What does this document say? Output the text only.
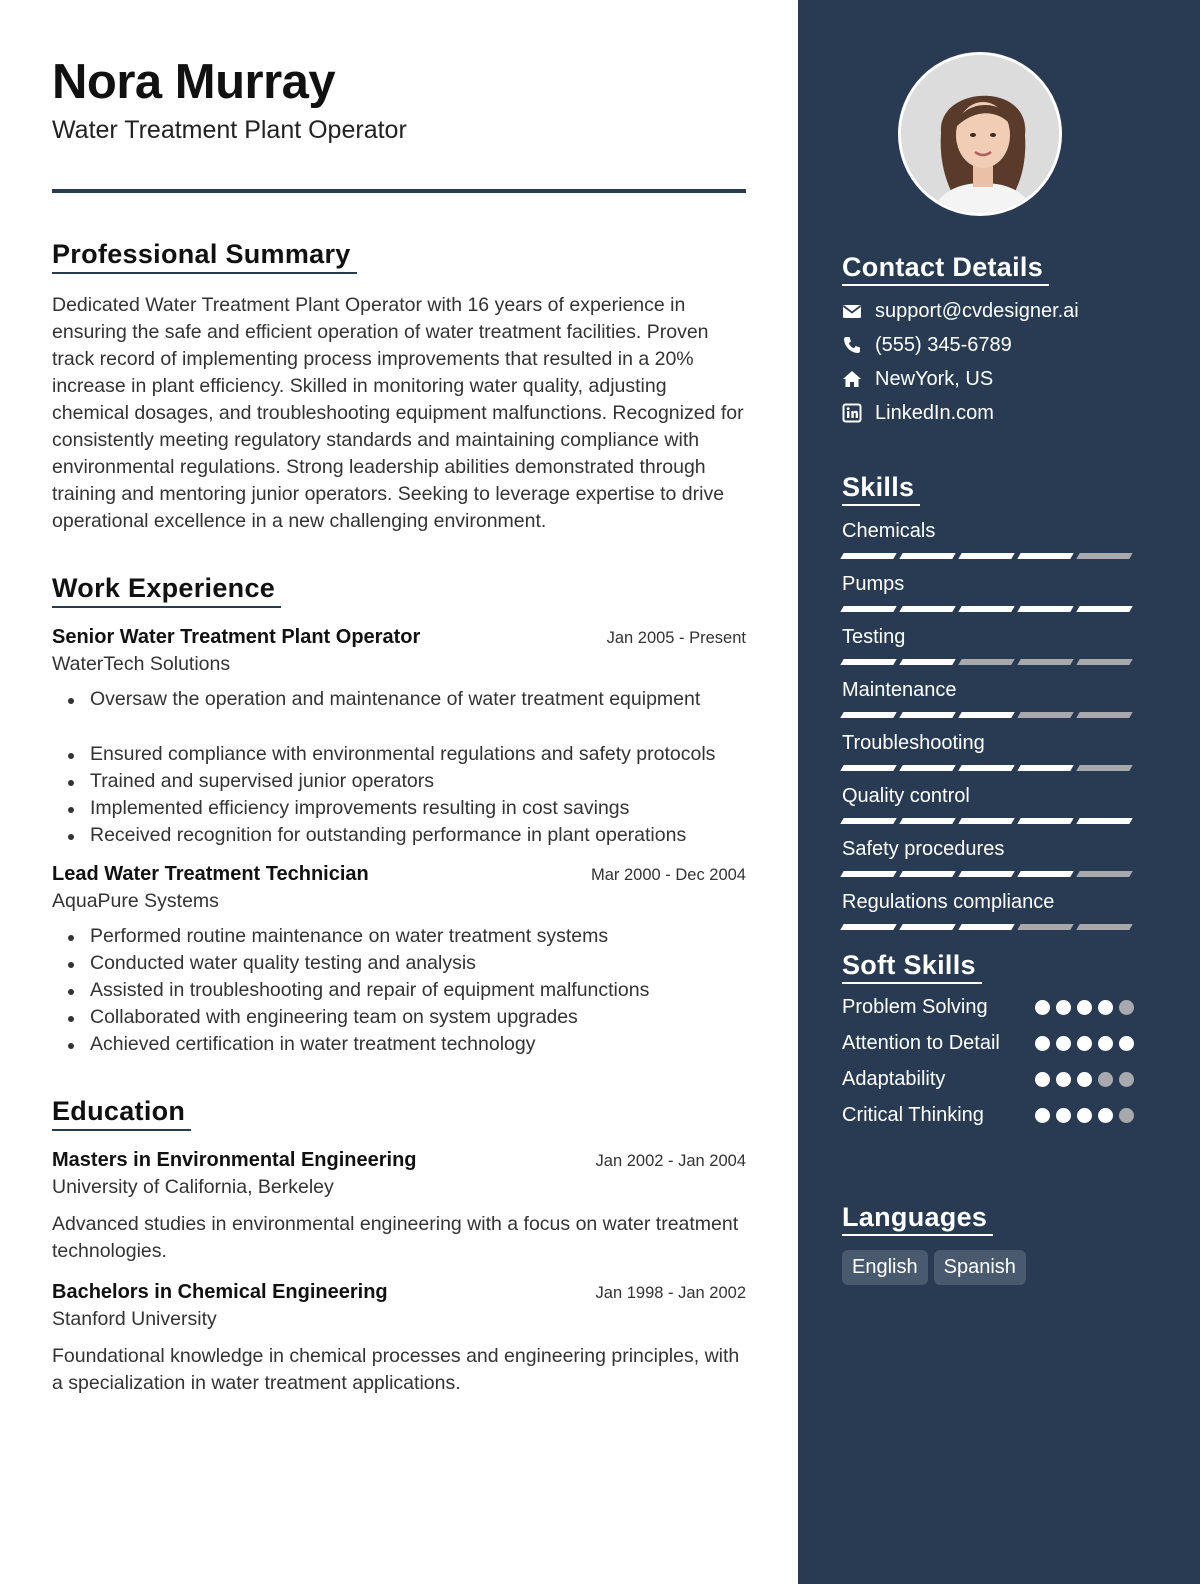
Nora Murray
Water Treatment Plant Operator
Professional Summary

Dedicated Water Treatment Plant Operator with 16 years of experience in ensuring the safe and efficient operation of water treatment facilities. Proven track record of implementing process improvements that resulted in a 20% increase in plant efficiency. Skilled in monitoring water quality, adjusting chemical dosages, and troubleshooting equipment malfunctions. Recognized for consistently meeting regulatory standards and maintaining compliance with environmental regulations. Strong leadership abilities demonstrated through training and mentoring junior operators. Seeking to leverage expertise to drive operational excellence in a new challenging environment.

Work Experience
Senior Water Treatment Plant Operator	Jan 2005 - Present
WaterTech Solutions
Oversaw the operation and maintenance of water treatment equipment
Ensured compliance with environmental regulations and safety protocols
Trained and supervised junior operators
Implemented efficiency improvements resulting in cost savings
Received recognition for outstanding performance in plant operations
Lead Water Treatment Technician	Mar 2000 - Dec 2004
AquaPure Systems
Performed routine maintenance on water treatment systems
Conducted water quality testing and analysis
Assisted in troubleshooting and repair of equipment malfunctions
Collaborated with engineering team on system upgrades
Achieved certification in water treatment technology
Education
Masters in Environmental Engineering	Jan 2002 - Jan 2004
University of California, Berkeley

Advanced studies in environmental engineering with a focus on water treatment technologies.

Bachelors in Chemical Engineering	Jan 1998 - Jan 2002
Stanford University

Foundational knowledge in chemical processes and engineering principles, with a specialization in water treatment applications.

Contact Details
support@cvdesigner.ai
(555) 345-6789
NewYork, US
LinkedIn.com
Skills
Chemicals
Pumps
Testing
Maintenance
Troubleshooting
Quality control
Safety procedures
Regulations compliance
Soft Skills
Problem Solving
Attention to Detail
Adaptability
Critical Thinking
Languages
English	Spanish
